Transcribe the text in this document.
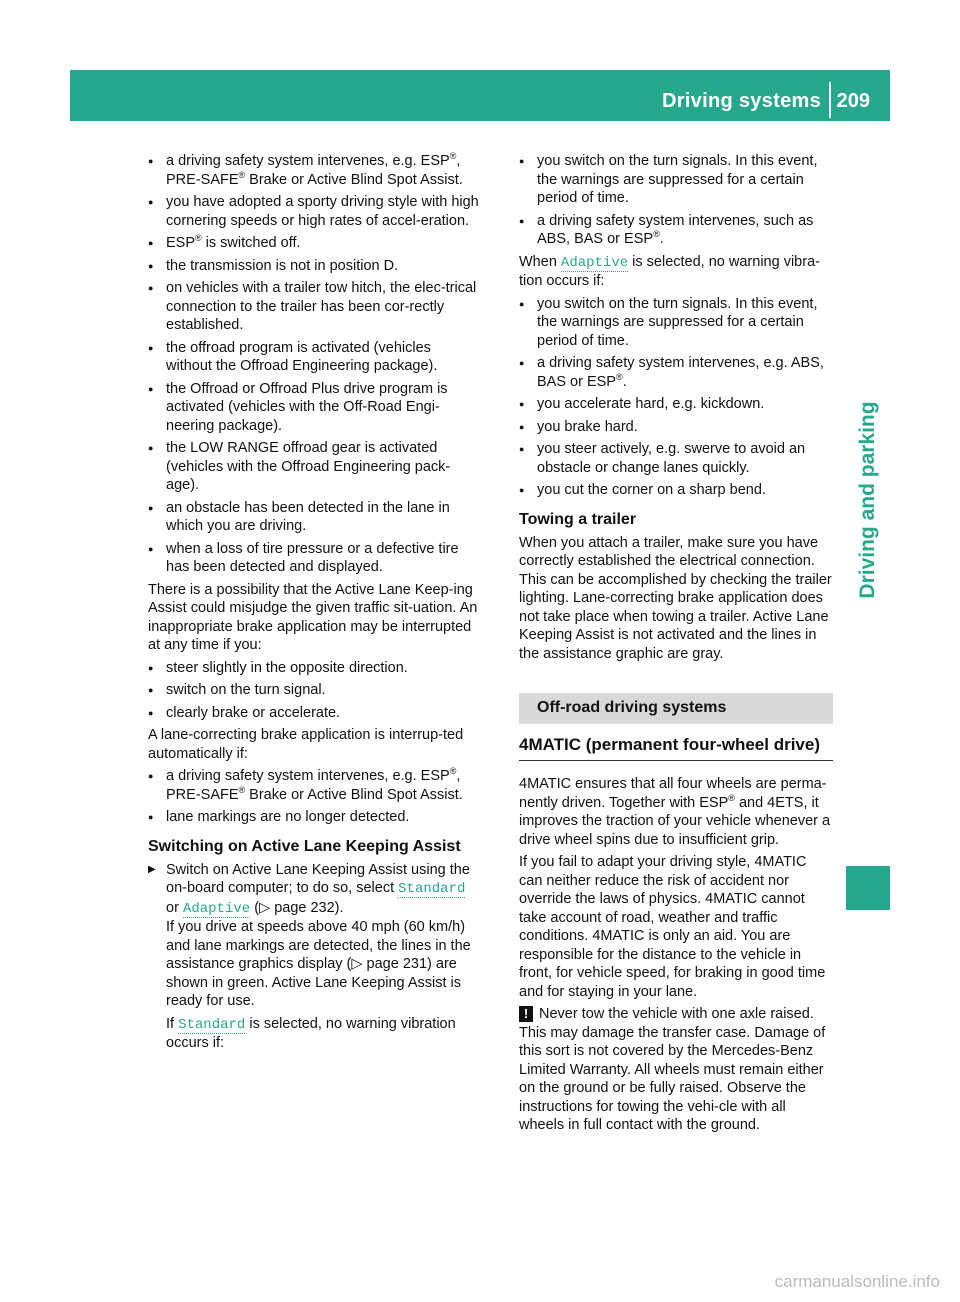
Driving systems 209
Driving and parking
● a driving safety system intervenes, e.g. ESP®, PRE-SAFE® Brake or Active Blind Spot Assist.
● you have adopted a sporty driving style with high cornering speeds or high rates of accel-eration.
● ESP® is switched off.
● the transmission is not in position D.
● on vehicles with a trailer tow hitch, the elec-trical connection to the trailer has been cor-rectly established.
● the offroad program is activated (vehicles without the Offroad Engineering package).
● the Offroad or Offroad Plus drive program is activated (vehicles with the Off-Road Engi-neering package).
● the LOW RANGE offroad gear is activated (vehicles with the Offroad Engineering pack-age).
● an obstacle has been detected in the lane in which you are driving.
● when a loss of tire pressure or a defective tire has been detected and displayed.

There is a possibility that the Active Lane Keep-ing Assist could misjudge the given traffic sit-uation. An inappropriate brake application may be interrupted at any time if you:

● steer slightly in the opposite direction.
● switch on the turn signal.
● clearly brake or accelerate.

A lane-correcting brake application is interrup-ted automatically if:

● a driving safety system intervenes, e.g. ESP®, PRE-SAFE® Brake or Active Blind Spot Assist.
● lane markings are no longer detected.
Switching on Active Lane Keeping Assist
▶ Switch on Active Lane Keeping Assist using the on-board computer; to do so, select Standard or Adaptive (▷ page 232).

If you drive at speeds above 40 mph (60 km/h) and lane markings are detected, the lines in the assistance graphics display (▷ page 231) are shown in green. Active Lane Keeping Assist is ready for use.

If Standard is selected, no warning vibration occurs if:

● you switch on the turn signals. In this event, the warnings are suppressed for a certain period of time.
● a driving safety system intervenes, such as ABS, BAS or ESP®.

When Adaptive is selected, no warning vibra-tion occurs if:

● you switch on the turn signals. In this event, the warnings are suppressed for a certain period of time.
● a driving safety system intervenes, e.g. ABS, BAS or ESP®.
● you accelerate hard, e.g. kickdown.
● you brake hard.
● you steer actively, e.g. swerve to avoid an obstacle or change lanes quickly.
● you cut the corner on a sharp bend.
Towing a trailer

When you attach a trailer, make sure you have correctly established the electrical connection. This can be accomplished by checking the trailer lighting. Lane-correcting brake application does not take place when towing a trailer. Active Lane Keeping Assist is not activated and the lines in the assistance graphic are gray.

Off-road driving systems
4MATIC (permanent four-wheel drive)

4MATIC ensures that all four wheels are perma-nently driven. Together with ESP® and 4ETS, it improves the traction of your vehicle whenever a drive wheel spins due to insufficient grip.

If you fail to adapt your driving style, 4MATIC can neither reduce the risk of accident nor override the laws of physics. 4MATIC cannot take account of road, weather and traffic conditions. 4MATIC is only an aid. You are responsible for the distance to the vehicle in front, for vehicle speed, for braking in good time and for staying in your lane.

! Never tow the vehicle with one axle raised. This may damage the transfer case. Damage of this sort is not covered by the Mercedes-Benz Limited Warranty. All wheels must remain either on the ground or be fully raised. Observe the instructions for towing the vehi-cle with all wheels in full contact with the ground.
carmanualsonline.info
